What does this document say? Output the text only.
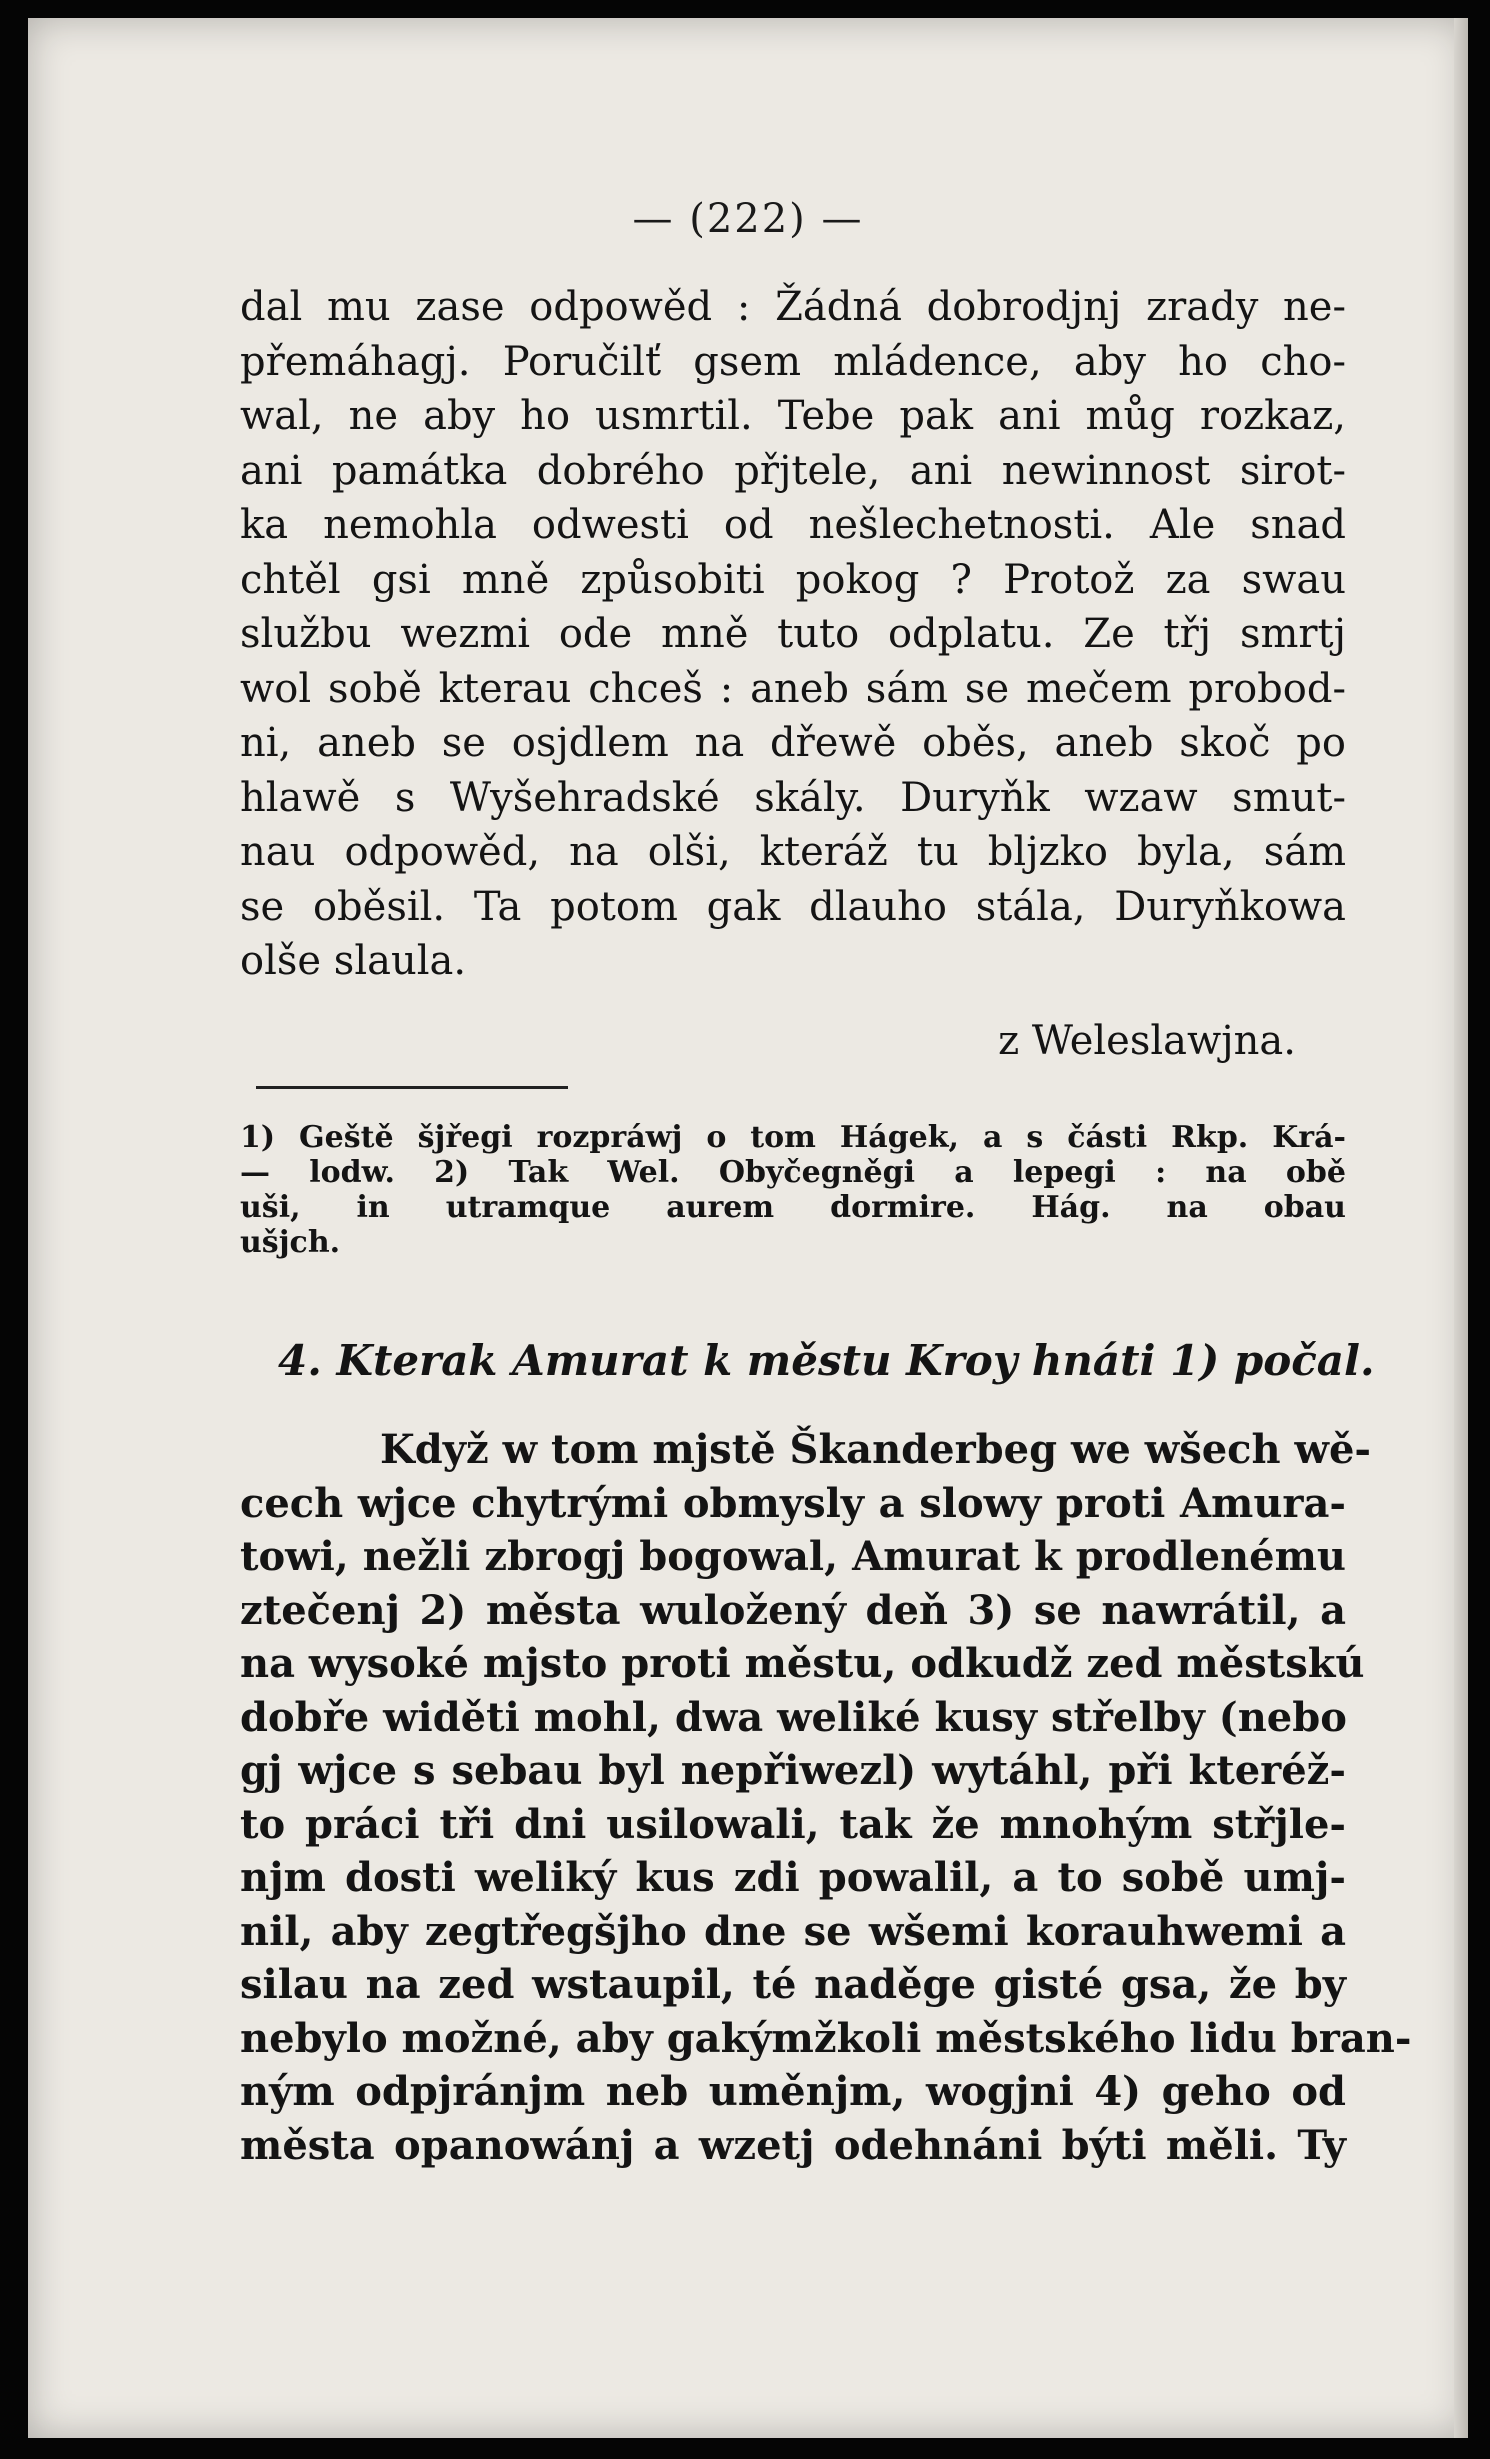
— (222) —
dal mu zase odpowěd : Žádná dobrodjnj zrady ne-
přemáhagj. Poručilť gsem mládence, aby ho cho-
wal, ne aby ho usmrtil. Tebe pak ani můg rozkaz,
ani památka dobrého přjtele, ani newinnost sirot-
ka nemohla odwesti od nešlechetnosti. Ale snad
chtěl gsi mně způsobiti pokog ? Protož za swau
službu wezmi ode mně tuto odplatu. Ze třj smrtj
wol sobě kterau chceš : aneb sám se mečem probod-
ni, aneb se osjdlem na dřewě oběs, aneb skoč po
hlawě s Wyšehradské skály. Duryňk wzaw smut-
nau odpowěd, na olši, kteráž tu bljzko byla, sám
se oběsil. Ta potom gak dlauho stála, Duryňkowa
olše slaula.
z Weleslawjna.
1) Geště šjřegi rozpráwj o tom Hágek, a s části Rkp. Krá-
— lodw. 2) Tak Wel. Obyčegněgi a lepegi : na obě
uši, in utramque aurem dormire. Hág. na obau
ušjch.
4. Kterak Amurat k městu Kroy hnáti 1) počal.
Když w tom mjstě Škanderbeg we wšech wě-
cech wjce chytrými obmysly a slowy proti Amura-
towi, nežli zbrogj bogowal, Amurat k prodlenému
ztečenj 2) města wuložený deň 3) se nawrátil, a
na wysoké mjsto proti městu, odkudž zed městskú
dobře widěti mohl, dwa weliké kusy střelby (nebo
gj wjce s sebau byl nepřiwezl) wytáhl, při kteréž-
to práci tři dni usilowali, tak že mnohým střjle-
njm dosti weliký kus zdi powalil, a to sobě umj-
nil, aby zegtřegšjho dne se wšemi korauhwemi a
silau na zed wstaupil, té naděge gisté gsa, že by
nebylo možné, aby gakýmžkoli městského lidu bran-
ným odpjránjm neb uměnjm, wogjni 4) geho od
města opanowánj a wzetj odehnáni býti měli. Ty
